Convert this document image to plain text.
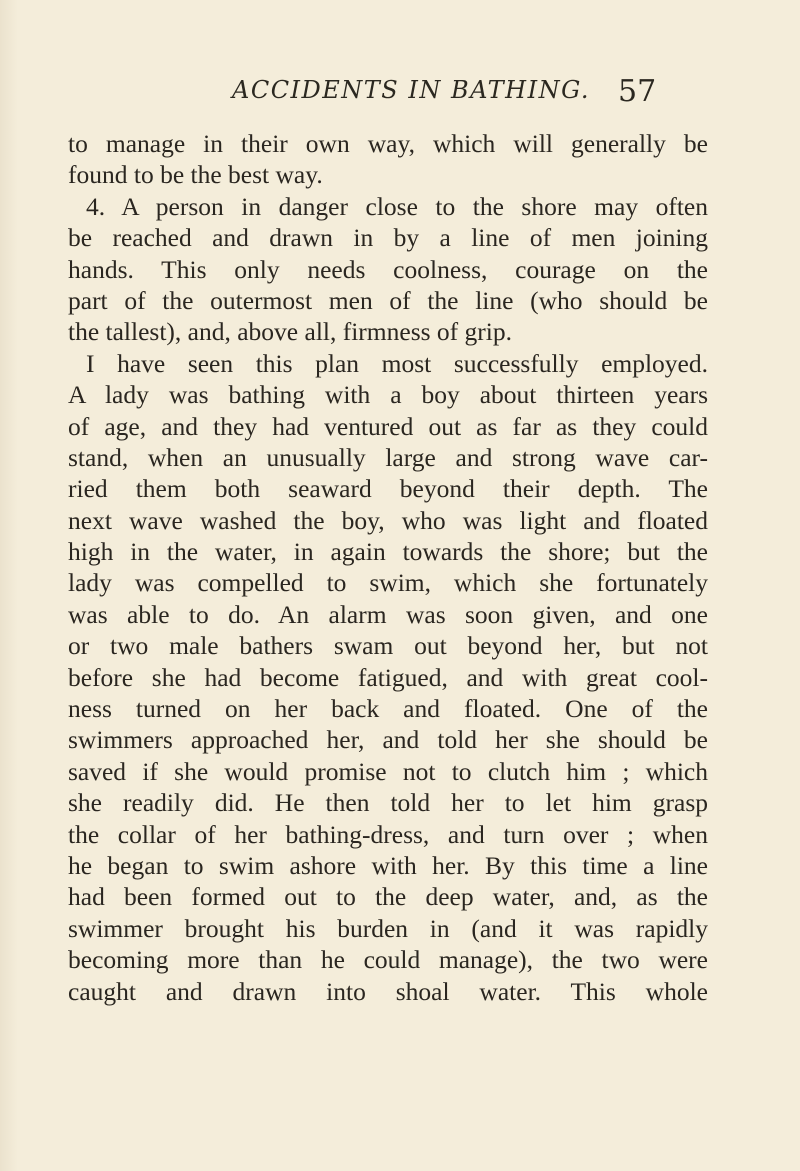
ACCIDENTS IN BATHING. 57
to manage in their own way, which will generally be
found to be the best way.
4. A person in danger close to the shore may often
be reached and drawn in by a line of men joining
hands. This only needs coolness, courage on the
part of the outermost men of the line (who should be
the tallest), and, above all, firmness of grip.
I have seen this plan most successfully employed.
A lady was bathing with a boy about thirteen years
of age, and they had ventured out as far as they could
stand, when an unusually large and strong wave car-
ried them both seaward beyond their depth. The
next wave washed the boy, who was light and floated
high in the water, in again towards the shore; but the
lady was compelled to swim, which she fortunately
was able to do. An alarm was soon given, and one
or two male bathers swam out beyond her, but not
before she had become fatigued, and with great cool-
ness turned on her back and floated. One of the
swimmers approached her, and told her she should be
saved if she would promise not to clutch him ; which
she readily did. He then told her to let him grasp
the collar of her bathing-dress, and turn over ; when
he began to swim ashore with her. By this time a line
had been formed out to the deep water, and, as the
swimmer brought his burden in (and it was rapidly
becoming more than he could manage), the two were
caught and drawn into shoal water. This whole
